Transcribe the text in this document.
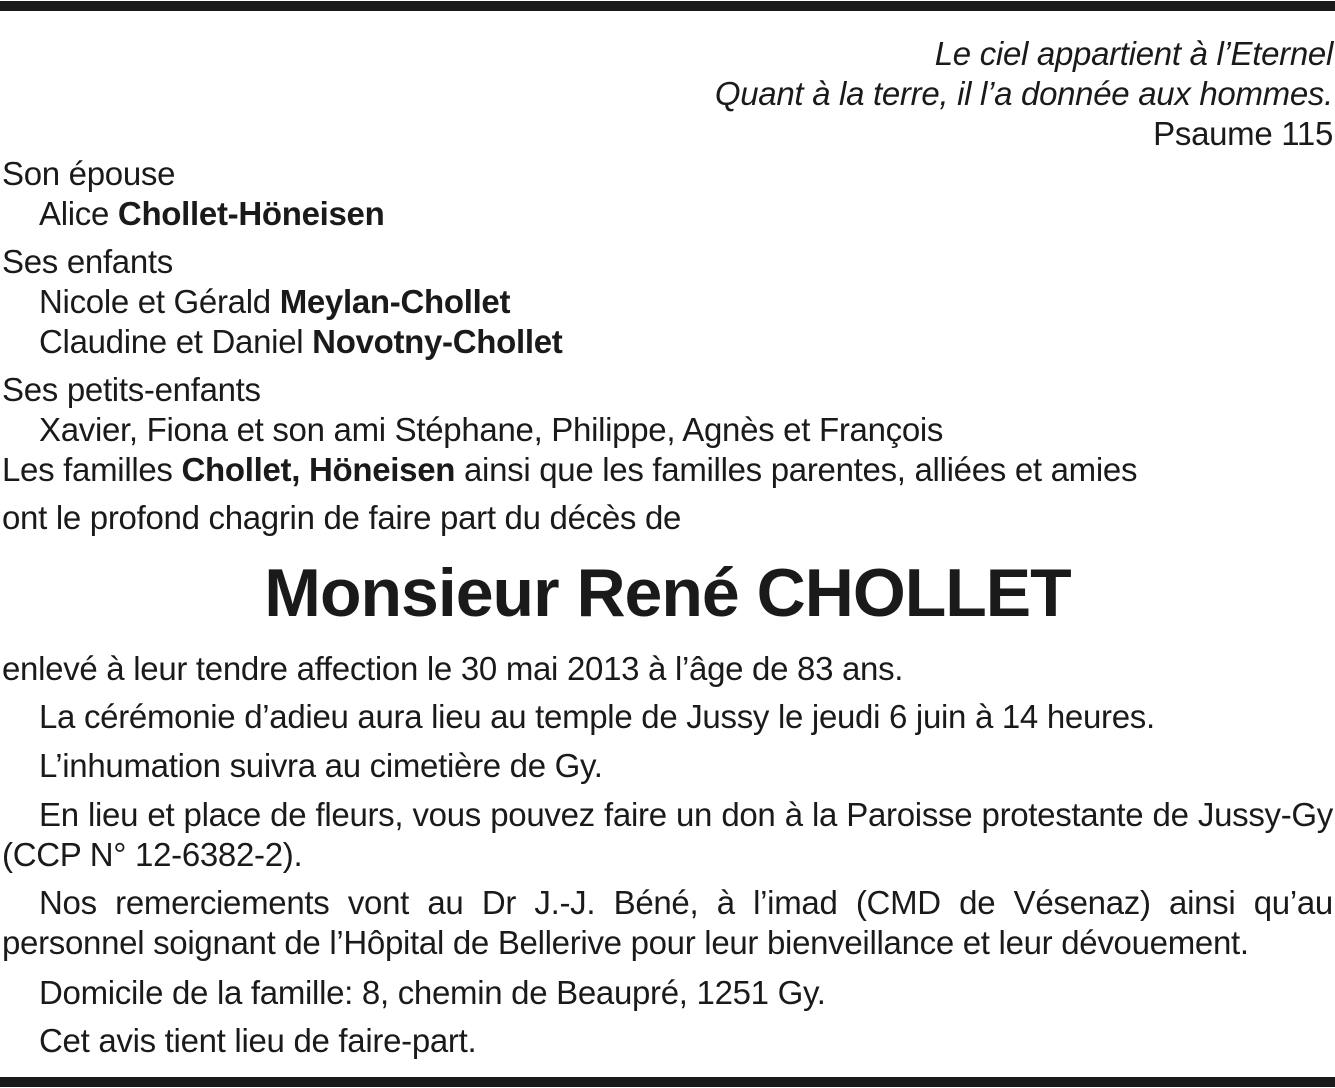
Le ciel appartient à l’Eternel
Quant à la terre, il l’a donnée aux hommes.
Psaume 115
Son épouse
Alice Chollet-Höneisen
Ses enfants
Nicole et Gérald Meylan-Chollet
Claudine et Daniel Novotny-Chollet
Ses petits-enfants
Xavier, Fiona et son ami Stéphane, Philippe, Agnès et François
Les familles Chollet, Höneisen ainsi que les familles parentes, alliées et amies
ont le profond chagrin de faire part du décès de
Monsieur René CHOLLET
enlevé à leur tendre affection le 30 mai 2013 à l’âge de 83 ans.
La cérémonie d’adieu aura lieu au temple de Jussy le jeudi 6 juin à 14 heures.
L’inhumation suivra au cimetière de Gy.
En lieu et place de fleurs, vous pouvez faire un don à la Paroisse protestante de Jussy-Gy (CCP N° 12-6382-2).
Nos remerciements vont au Dr J.-J. Béné, à l’imad (CMD de Vésenaz) ainsi qu’au personnel soignant de l’Hôpital de Bellerive pour leur bienveillance et leur dévouement.
Domicile de la famille: 8, chemin de Beaupré, 1251 Gy.
Cet avis tient lieu de faire-part.
